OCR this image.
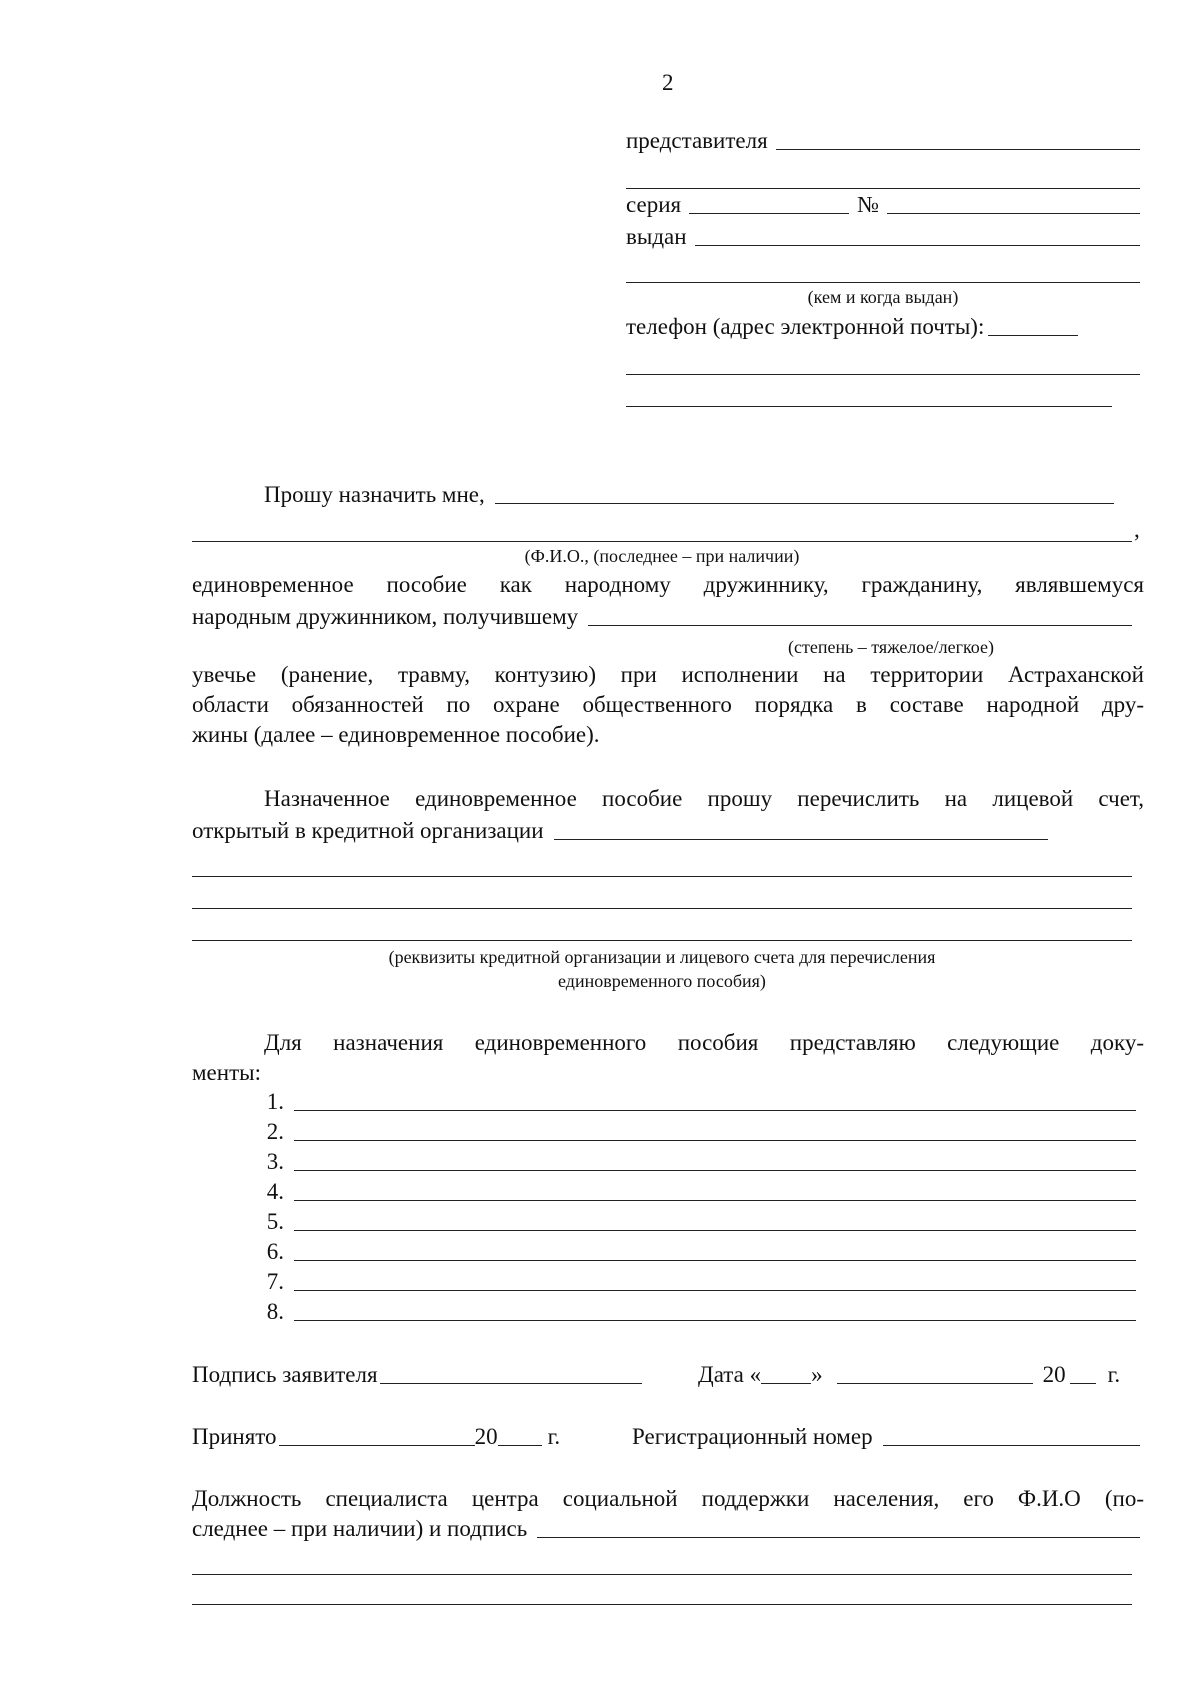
2
представителя
серия	№
выдан
(кем и когда выдан)
телефон (адрес электронной почты):
Прошу назначить мне,
,
(Ф.И.О., (последнее – при наличии)
единовременное пособие как народному дружиннику, гражданину, являвшемуся
народным дружинником, получившему
(степень – тяжелое/легкое)
увечье (ранение, травму, контузию) при исполнении на территории Астраханской
области обязанностей по охране общественного порядка в составе народной дру-
жины (далее – единовременное пособие).
Назначенное единовременное пособие прошу перечислить на лицевой счет,
открытый в кредитной организации
(реквизиты кредитной организации и лицевого счета для перечисления
единовременного пособия)
Для назначения единовременного пособия представляю следующие доку-
менты:
1.
2.
3.
4.
5.
6.
7.
8.
Подпись заявителя	Дата « »	20 г.
Принято	20 г.	Регистрационный номер
Должность специалиста центра социальной поддержки населения, его Ф.И.О (по-
следнее – при наличии) и подпись
